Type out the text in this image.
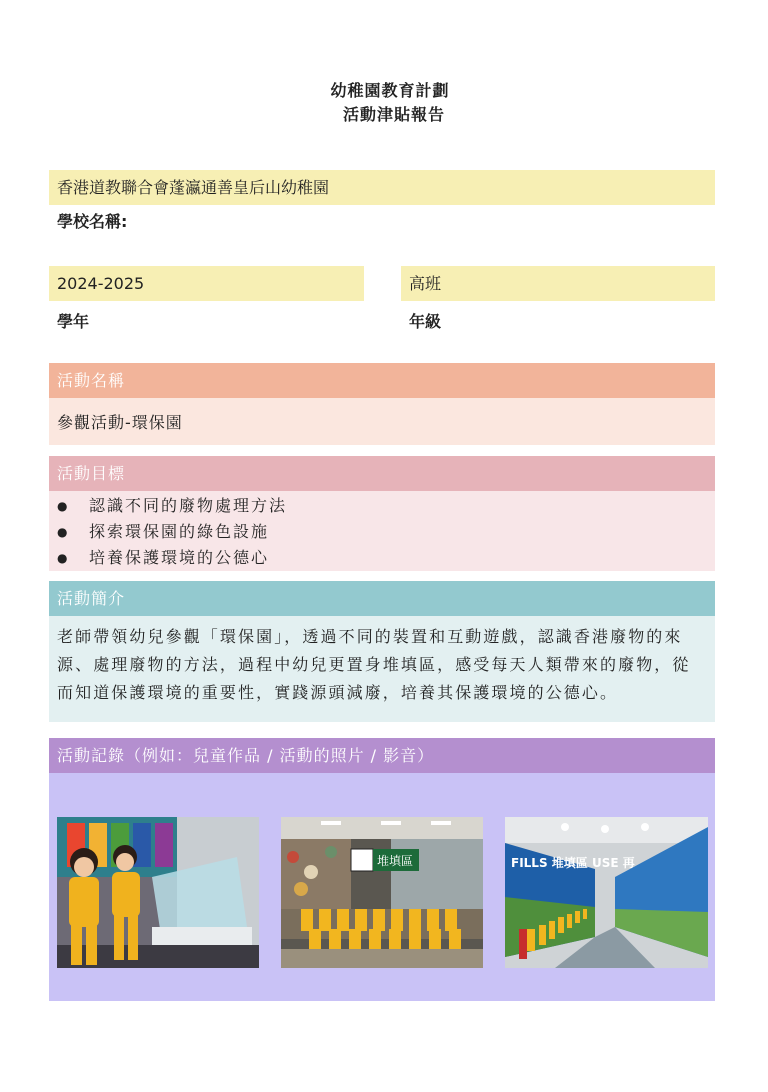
幼稚園教育計劃
活動津貼報告
香港道教聯合會蓬瀛通善皇后山幼稚園
學校名稱:
2024-2025	高班
學年	年級
活動名稱
參觀活動-環保園
活動目標
● 認識不同的廢物處理方法
● 探索環保園的綠色設施
● 培養保護環境的公德心
活動簡介
老師帶領幼兒參觀「環保園」，透過不同的裝置和互動遊戲，認識香港廢物的來源、處理廢物的方法，過程中幼兒更置身堆填區，感受每天人類帶來的廢物，從而知道保護環境的重要性，實踐源頭減廢，培養其保護環境的公德心。
活動記錄（例如：兒童作品 / 活動的照片 / 影音）
堆填區	FILLS 堆填區 USE 再
